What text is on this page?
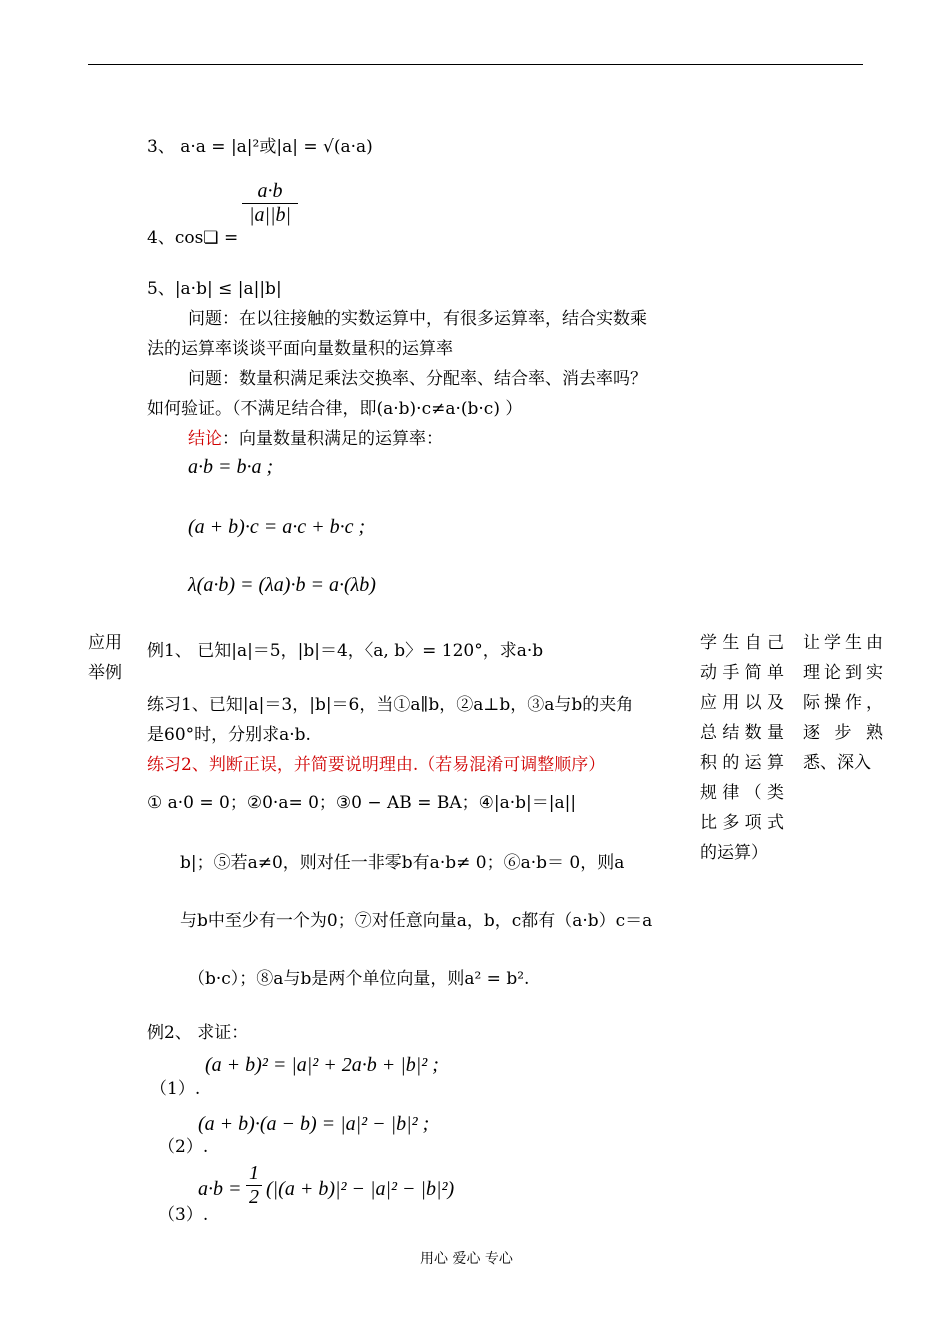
3、 a·a = |a|²或|a| = √(a·a)
4、cos❏ =
$\frac{a\cdot b}{|a||b|}$
5、|a·b| ≤ |a||b|
问题：在以往接触的实数运算中，有很多运算率，结合实数乘
法的运算率谈谈平面向量数量积的运算率
问题：数量积满足乘法交换率、分配率、结合率、消去率吗？
如何验证。（不满足结合律，即(a·b)·c≠a·(b·c) ）
结论：向量数量积满足的运算率：
a·b = b·a ;
(a + b)·c = a·c + b·c ;
λ(a·b) = (λa)·b = a·(λb)
应用举例
例1、 已知|a|＝5，|b|＝4，〈a, b〉= 120°，求a·b
练习1、已知|a|＝3，|b|＝6，当①a∥b，②a⊥b，③a与b的夹角
是60°时，分别求a·b.
练习2、判断正误，并简要说明理由.（若易混淆可调整顺序）
① a·0 = 0；②0·a= 0；③0 − AB = BA；④|a·b|＝|a||
b|；⑤若a≠0，则对任一非零b有a·b≠ 0；⑥a·b＝ 0，则a
与b中至少有一个为0；⑦对任意向量a，b，c都有（a·b）c＝a
（b·c）；⑧a与b是两个单位向量，则a² = b².
学生自己动手简单应用以及总结数量积的运算规律（类比多项式的运算）
让学生由理论到实际操作，逐步熟悉、深入
例2、 求证：
（1）.
(a + b)² = |a|² + 2a·b + |b|² ;
（2）.
(a + b)·(a − b) = |a|² − |b|² ;
（3）.
$a\cdot b = \frac{1}{2} (|(a + b)|^2 - |a|^2 - |b|^2)$
用心 爱心 专心
